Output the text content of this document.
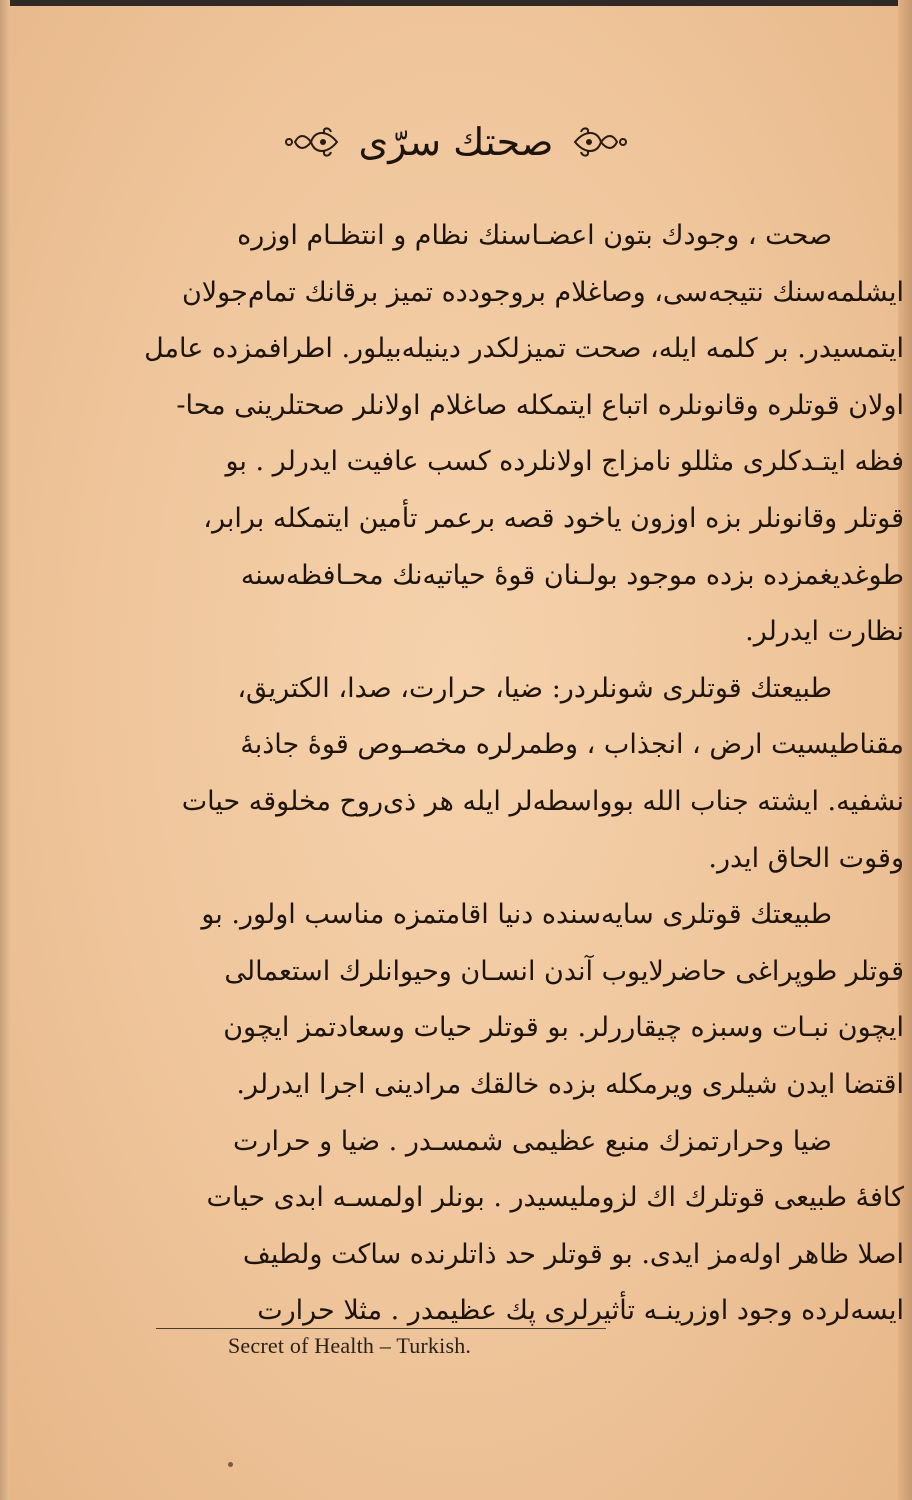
صحتك سرّی
صحت ، وجودك بتون اعضـاسنك نظام و انتظـام اوزره
ایشلمه‌سنك نتیجه‌سی، وصاغلام بروجودده تمیز برقانك تمام‌جولان
ایتمسیدر. بر كلمه ایله، صحت تمیزلكدر دینیله‌بیلور. اطرافمزده عامل
اولان قوتلره وقانونلره اتباع ایتمكله صاغلام اولانلر صحتلرینی محا-
فظه ایتـدكلری مثللو نامزاج اولانلرده كسب عافیت ایدرلر . بو
قوتلر وقانونلر بزه اوزون یاخود قصه برعمر تأمین ایتمكله برابر،
طوغدیغمزده بزده موجود بولـنان قوهٔ حیاتیه‌نك محـافظه‌سنه
نظارت ایدرلر.
طبیعتك قوتلری شونلردر: ضیا، حرارت، صدا، الكتریق،
مقناطیسیت ارض ، انجذاب ، وطمرلره مخصـوص قوهٔ جاذبهٔ
نشفیه. ایشته جناب الله بوواسطه‌لر ایله هر ذی‌روح مخلوقه حیات
وقوت الحاق ایدر.
طبیعتك قوتلری سایه‌سنده دنیا اقامتمزه مناسب اولور. بو
قوتلر طوپراغی حاضرلایوب آندن انسـان وحیوانلرك استعمالی
ایچون نبـات وسبزه چیقاررلر. بو قوتلر حیات وسعادتمز ایچون
اقتضا ایدن شیلری ویرمكله بزده خالقك مرادینی اجرا ایدرلر.
ضیا وحرارتمزك منبع عظیمی شمسـدر . ضیا و حرارت
كافهٔ طبیعی قوتلرك اك لزوملیسیدر . بونلر اولمسـه ابدی حیات
اصلا ظاهر اوله‌مز ایدی. بو قوتلر حد ذاتلرنده ساكت ولطیف
ایسه‌لرده وجود اوزرینـه تأثیرلری پك عظیمدر . مثلا حرارت
Secret of Health – Turkish.
